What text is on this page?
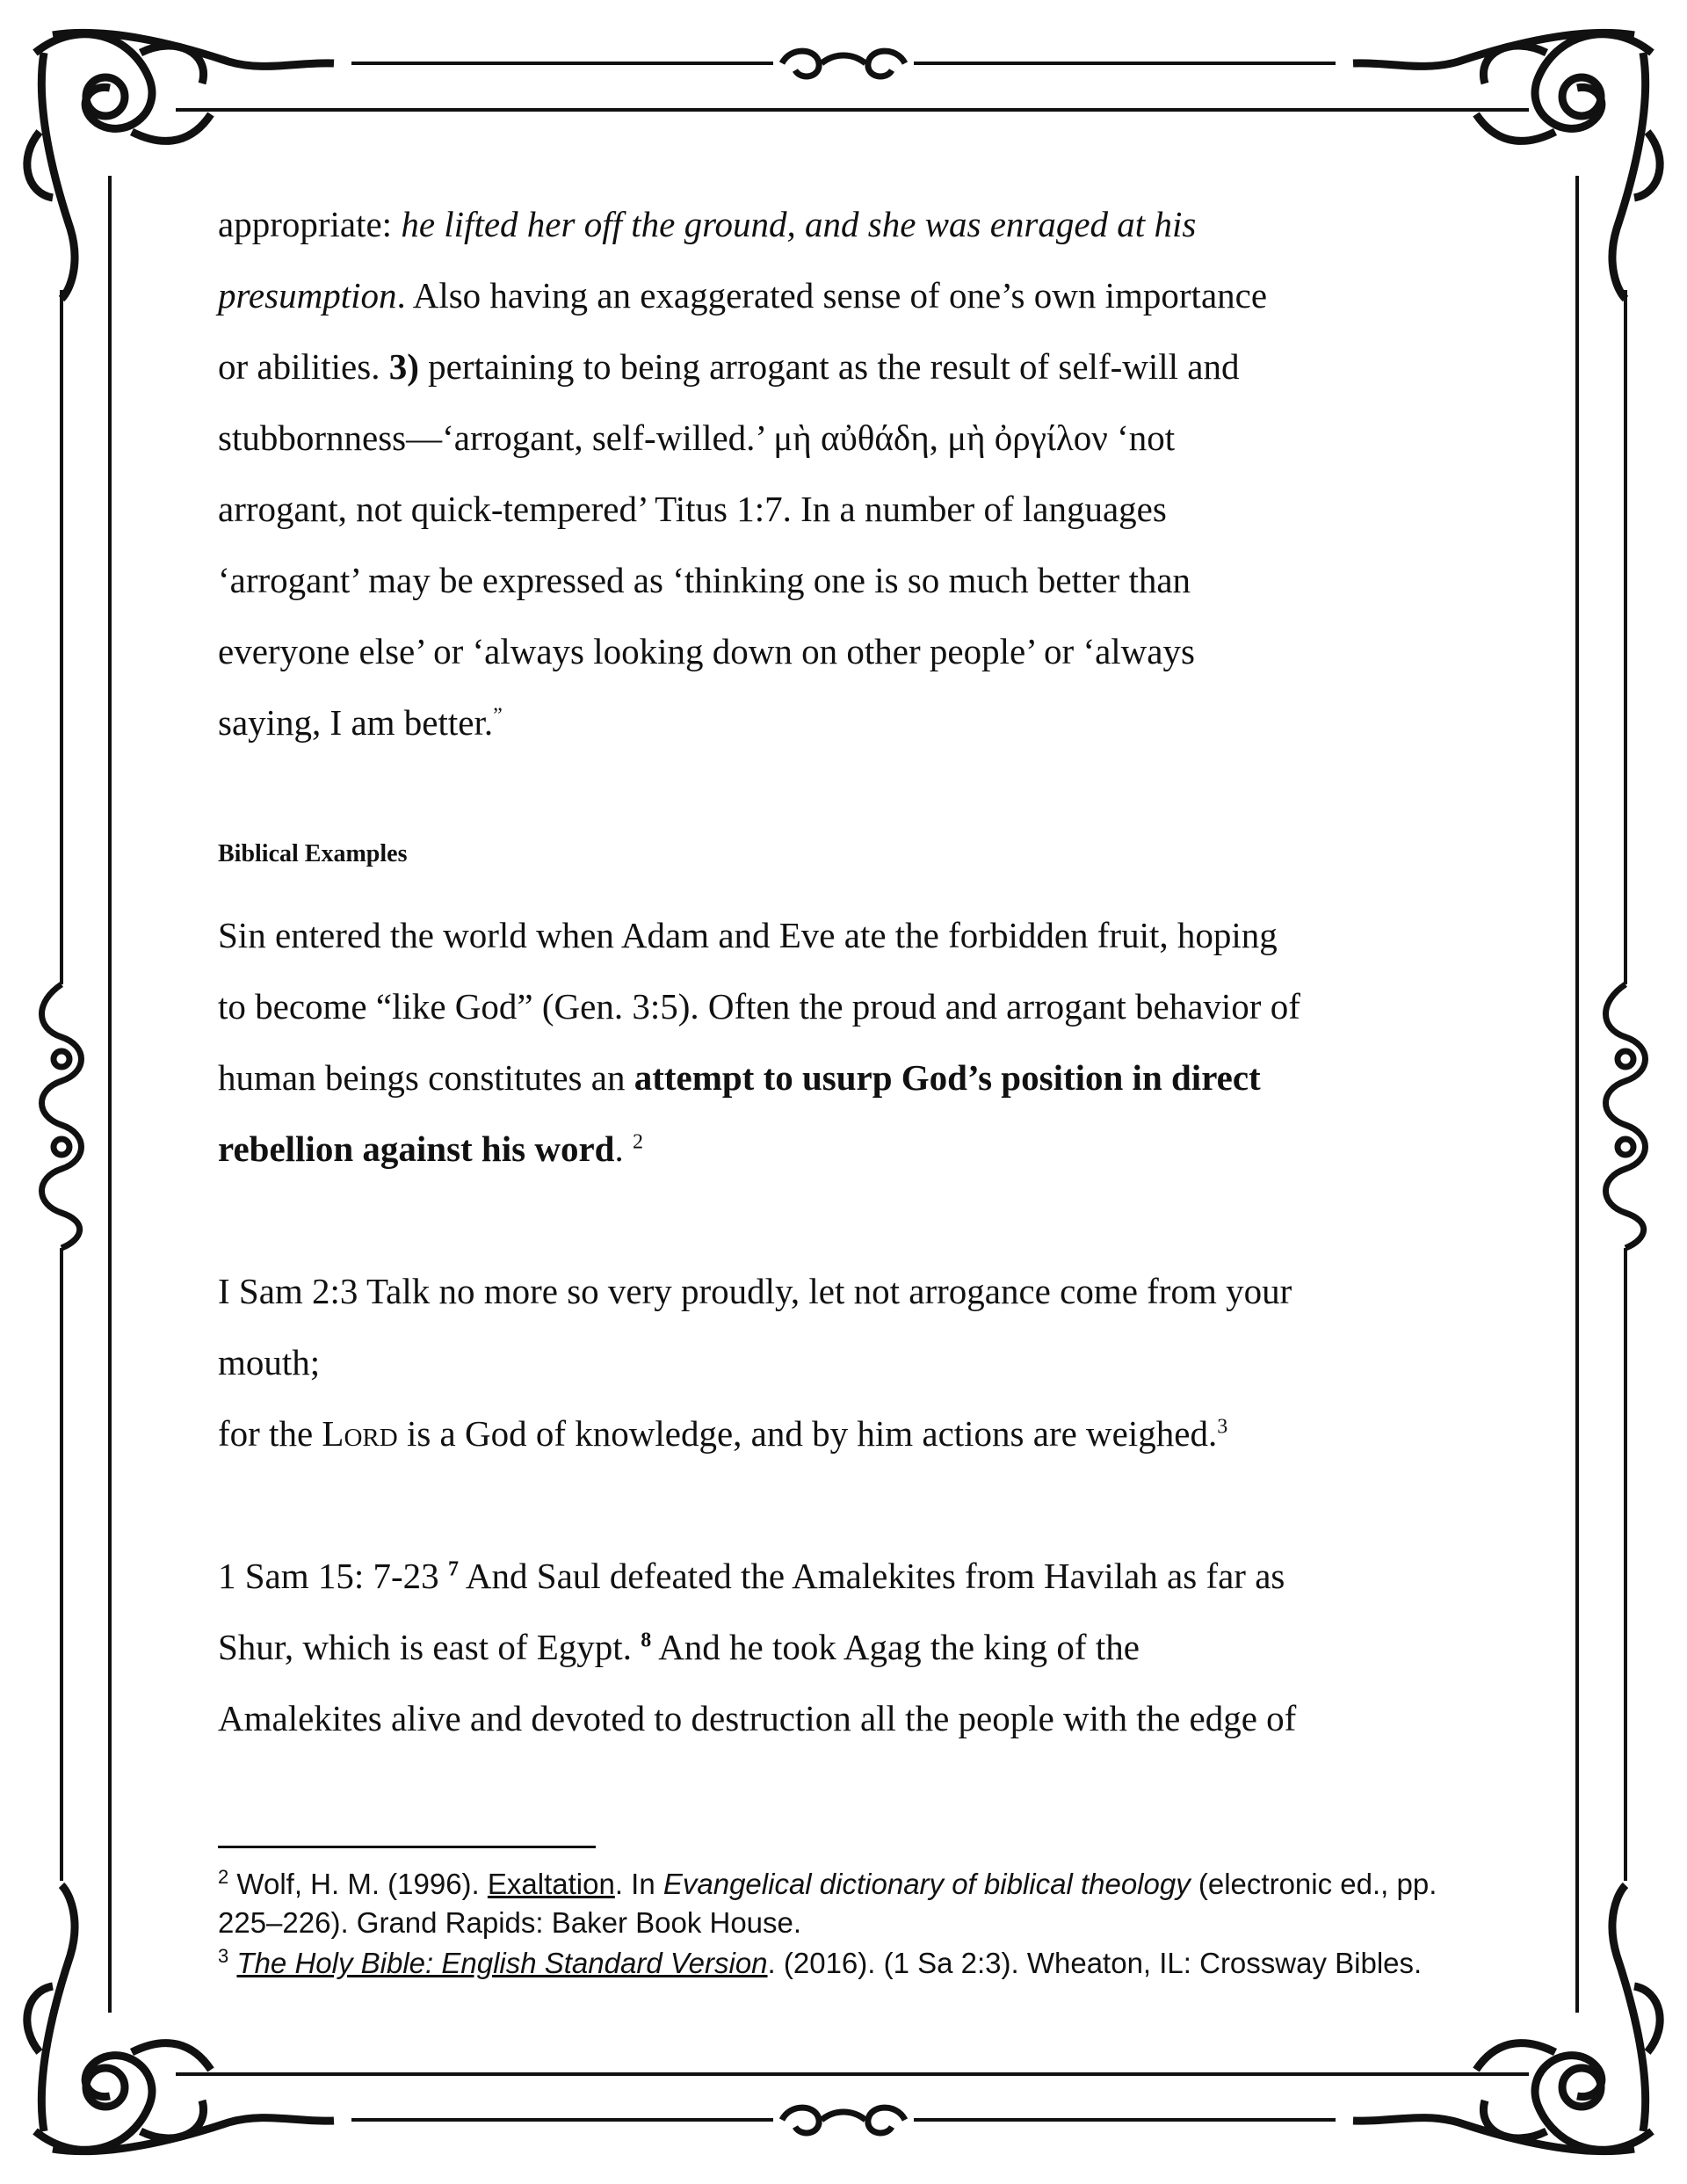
appropriate: he lifted her off the ground, and she was enraged at his
presumption. Also having an exaggerated sense of one’s own importance
or abilities. 3) pertaining to being arrogant as the result of self-will and
stubbornness—‘arrogant, self-willed.’ μὴ αὐθάδη, μὴ ὀργίλον ‘not
arrogant, not quick-tempered’ Titus 1:7. In a number of languages
‘arrogant’ may be expressed as ‘thinking one is so much better than
everyone else’ or ‘always looking down on other people’ or ‘always
saying, I am better.”
Biblical Examples
Sin entered the world when Adam and Eve ate the forbidden fruit, hoping
to become “like God” (Gen. 3:5). Often the proud and arrogant behavior of
human beings constitutes an attempt to usurp God’s position in direct
rebellion against his word. $^2$
I Sam 2:3 Talk no more so very proudly, let not arrogance come from your
mouth;
for the Lord is a God of knowledge, and by him actions are weighed.$^3$
1 Sam 15: 7-23 $^7$ And Saul defeated the Amalekites from Havilah as far as
Shur, which is east of Egypt. $^8$ And he took Agag the king of the
Amalekites alive and devoted to destruction all the people with the edge of
$^2$ Wolf, H. M. (1996). Exaltation. In Evangelical dictionary of biblical theology (electronic ed., pp.
225–226). Grand Rapids: Baker Book House.
$^3$ The Holy Bible: English Standard Version. (2016). (1 Sa 2:3). Wheaton, IL: Crossway Bibles.
